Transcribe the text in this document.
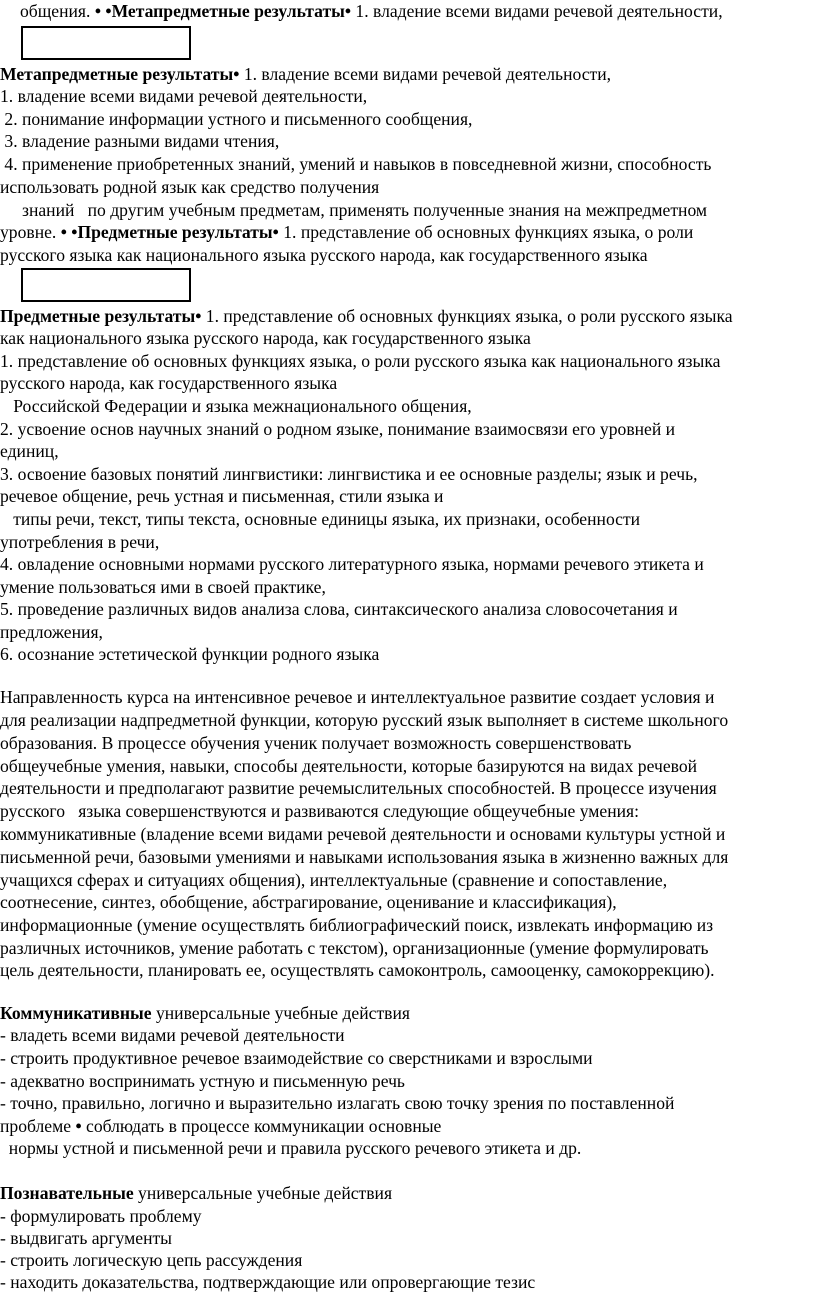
общения. • •Метапредметные результаты• 1. владение всеми видами речевой деятельности,
Метапредметные результаты• 1. владение всеми видами речевой деятельности,
1. владение всеми видами речевой деятельности,
2. понимание информации устного и письменного сообщения,
3. владение разными видами чтения,
4. применение приобретенных знаний, умений и навыков в повседневной жизни, способность
использовать родной язык как средство получения
знаний   по другим учебным предметам, применять полученные знания на межпредметном
уровне. • •Предметные результаты• 1. представление об основных функциях языка, о роли
русского языка как национального языка русского народа, как государственного языка
Предметные результаты• 1. представление об основных функциях языка, о роли русского языка
как национального языка русского народа, как государственного языка
1. представление об основных функциях языка, о роли русского языка как национального языка
русского народа, как государственного языка
Российской Федерации и языка межнационального общения,
2. усвоение основ научных знаний о родном языке, понимание взаимосвязи его уровней и
единиц,
3. освоение базовых понятий лингвистики: лингвистика и ее основные разделы; язык и речь,
речевое общение, речь устная и письменная, стили языка и
типы речи, текст, типы текста, основные единицы языка, их признаки, особенности
употребления в речи,
4. овладение основными нормами русского литературного языка, нормами речевого этикета и
умение пользоваться ими в своей практике,
5. проведение различных видов анализа слова, синтаксического анализа словосочетания и
предложения,
6. осознание эстетической функции родного языка
Направленность курса на интенсивное речевое и интеллектуальное развитие создает условия и
для реализации надпредметной функции, которую русский язык выполняет в системе школьного
образования. В процессе обучения ученик получает возможность совершенствовать
общеучебные умения, навыки, способы деятельности, которые базируются на видах речевой
деятельности и предполагают развитие речемыслительных способностей. В процессе изучения
русского   языка совершенствуются и развиваются следующие общеучебные умения:
коммуникативные (владение всеми видами речевой деятельности и основами культуры устной и
письменной речи, базовыми умениями и навыками использования языка в жизненно важных для
учащихся сферах и ситуациях общения), интеллектуальные (сравнение и сопоставление,
соотнесение, синтез, обобщение, абстрагирование, оценивание и классификация),
информационные (умение осуществлять библиографический поиск, извлекать информацию из
различных источников, умение работать с текстом), организационные (умение формулировать
цель деятельности, планировать ее, осуществлять самоконтроль, самооценку, самокоррекцию).
Коммуникативные универсальные учебные действия
- владеть всеми видами речевой деятельности
- строить продуктивное речевое взаимодействие со сверстниками и взрослыми
- адекватно воспринимать устную и письменную речь
- точно, правильно, логично и выразительно излагать свою точку зрения по поставленной
проблеме • соблюдать в процессе коммуникации основные
нормы устной и письменной речи и правила русского речевого этикета и др.
Познавательные универсальные учебные действия
- формулировать проблему
- выдвигать аргументы
- строить логическую цепь рассуждения
- находить доказательства, подтверждающие или опровергающие тезис
